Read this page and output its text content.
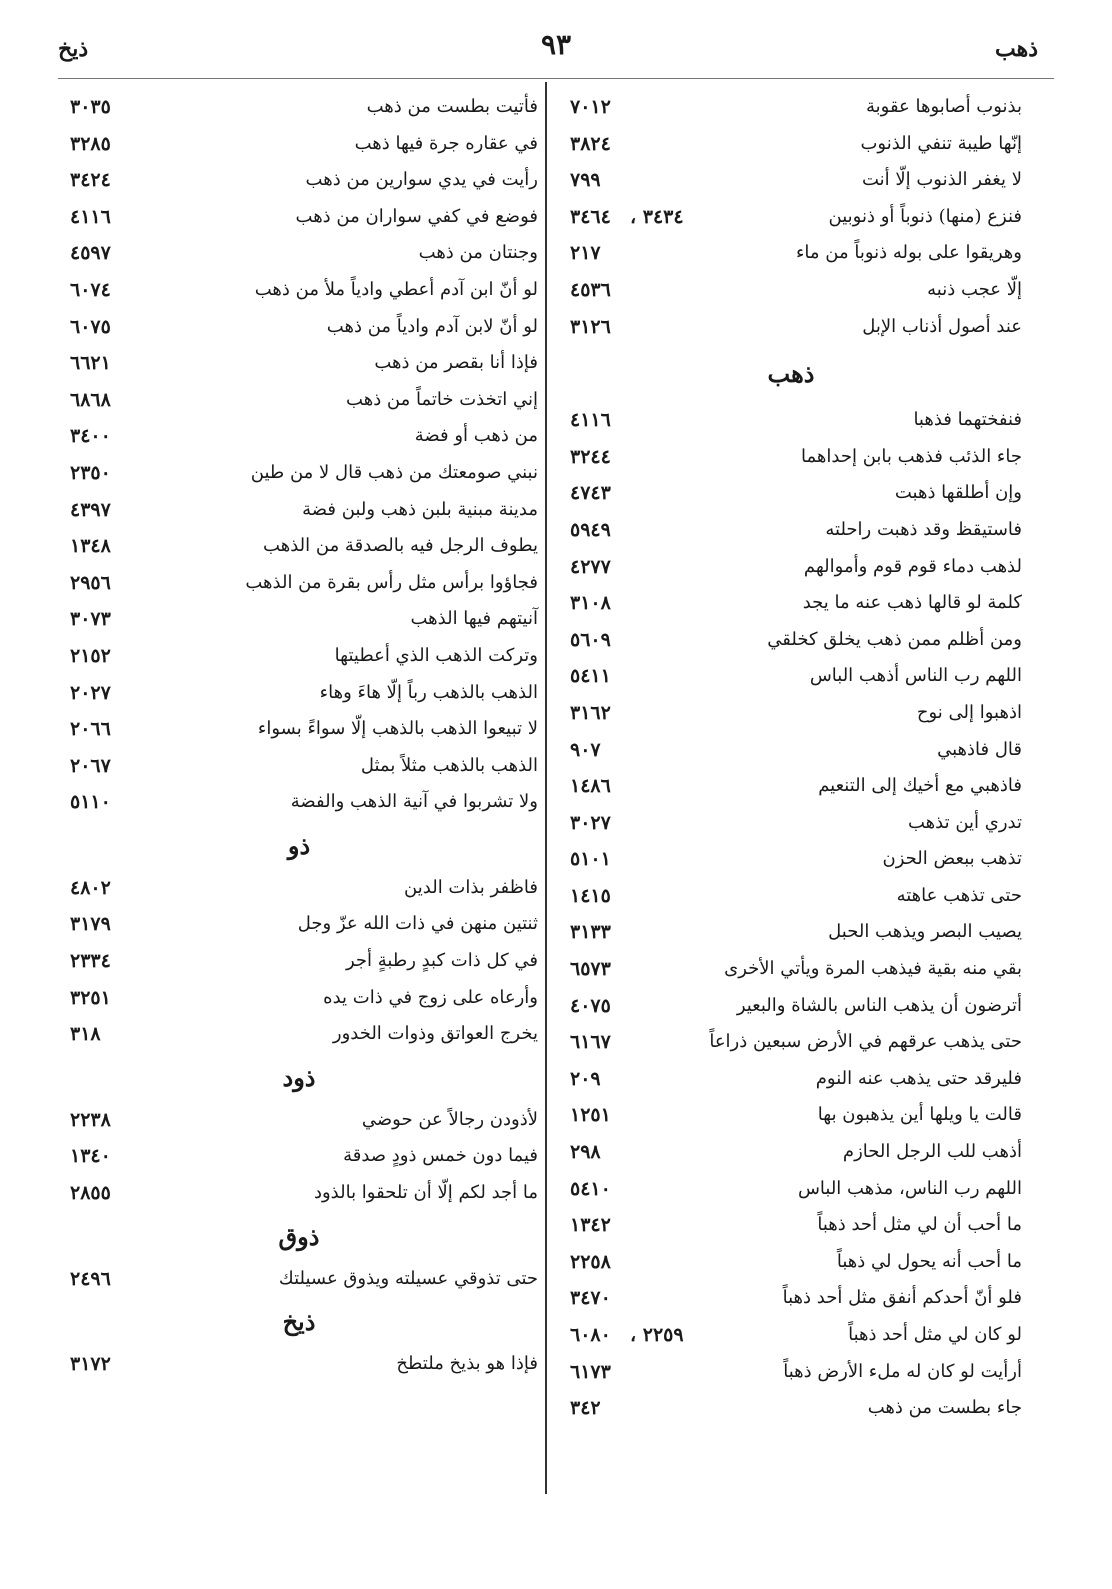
ذهب
٩٣
ذيخ
بذنوب أصابوها عقوبة
٧٠١٢
إنّها طيبة تنفي الذنوب
٣٨٢٤
لا يغفر الذنوب إلّا أنت
٧٩٩
فنزع (منها) ذنوباً أو ذنوبين
٣٤٣٤ ،
٣٤٦٤
وهريقوا على بوله ذنوباً من ماء
٢١٧
إلّا عجب ذنبه
٤٥٣٦
عند أصول أذناب الإبل
٣١٢٦
ذهب
فنفختهما فذهبا
٤١١٦
جاء الذئب فذهب بابن إحداهما
٣٢٤٤
وإن أطلقها ذهبت
٤٧٤٣
فاستيقظ وقد ذهبت راحلته
٥٩٤٩
لذهب دماء قوم قوم وأموالهم
٤٢٧٧
كلمة لو قالها ذهب عنه ما يجد
٣١٠٨
ومن أظلم ممن ذهب يخلق كخلقي
٥٦٠٩
اللهم رب الناس أذهب الباس
٥٤١١
اذهبوا إلى نوح
٣١٦٢
قال فاذهبي
٩٠٧
فاذهبي مع أخيك إلى التنعيم
١٤٨٦
تدري أين تذهب
٣٠٢٧
تذهب ببعض الحزن
٥١٠١
حتى تذهب عاهته
١٤١٥
يصيب البصر ويذهب الحبل
٣١٣٣
بقي منه بقية فيذهب المرة ويأتي الأخرى
٦٥٧٣
أترضون أن يذهب الناس بالشاة والبعير
٤٠٧٥
حتى يذهب عرقهم في الأرض سبعين ذراعاً
٦١٦٧
فليرقد حتى يذهب عنه النوم
٢٠٩
قالت يا ويلها أين يذهبون بها
١٢٥١
أذهب للب الرجل الحازم
٢٩٨
اللهم رب الناس، مذهب الباس
٥٤١٠
ما أحب أن لي مثل أحد ذهباً
١٣٤٢
ما أحب أنه يحول لي ذهباً
٢٢٥٨
فلو أنّ أحدكم أنفق مثل أحد ذهباً
٣٤٧٠
لو كان لي مثل أحد ذهباً
٢٢٥٩ ،
٦٠٨٠
أرأيت لو كان له ملء الأرض ذهباً
٦١٧٣
جاء بطست من ذهب
٣٤٢
فأتيت بطست من ذهب
٣٠٣٥
في عقاره جرة فيها ذهب
٣٢٨٥
رأيت في يدي سوارين من ذهب
٣٤٢٤
فوضع في كفي سواران من ذهب
٤١١٦
وجنتان من ذهب
٤٥٩٧
لو أنّ ابن آدم أعطي وادياً ملأ من ذهب
٦٠٧٤
لو أنّ لابن آدم وادياً من ذهب
٦٠٧٥
فإذا أنا بقصر من ذهب
٦٦٢١
إني اتخذت خاتماً من ذهب
٦٨٦٨
من ذهب أو فضة
٣٤٠٠
نبني صومعتك من ذهب قال لا من طين
٢٣٥٠
مدينة مبنية بلبن ذهب ولبن فضة
٤٣٩٧
يطوف الرجل فيه بالصدقة من الذهب
١٣٤٨
فجاؤوا برأس مثل رأس بقرة من الذهب
٢٩٥٦
آنيتهم فيها الذهب
٣٠٧٣
وتركت الذهب الذي أعطيتها
٢١٥٢
الذهب بالذهب رباً إلّا هاءَ وهاء
٢٠٢٧
لا تبيعوا الذهب بالذهب إلّا سواءً بسواء
٢٠٦٦
الذهب بالذهب مثلاً بمثل
٢٠٦٧
ولا تشربوا في آنية الذهب والفضة
٥١١٠
ذو
فاظفر بذات الدين
٤٨٠٢
ثنتين منهن في ذات الله عزّ وجل
٣١٧٩
في كل ذات كبدٍ رطبةٍ أجر
٢٣٣٤
وأرعاه على زوج في ذات يده
٣٢٥١
يخرج العواتق وذوات الخدور
٣١٨
ذود
لأذودن رجالاً عن حوضي
٢٢٣٨
فيما دون خمس ذودٍ صدقة
١٣٤٠
ما أجد لكم إلّا أن تلحقوا بالذود
٢٨٥٥
ذوق
حتى تذوقي عسيلته ويذوق عسيلتك
٢٤٩٦
ذيخ
فإذا هو بذيخ ملتطخ
٣١٧٢
